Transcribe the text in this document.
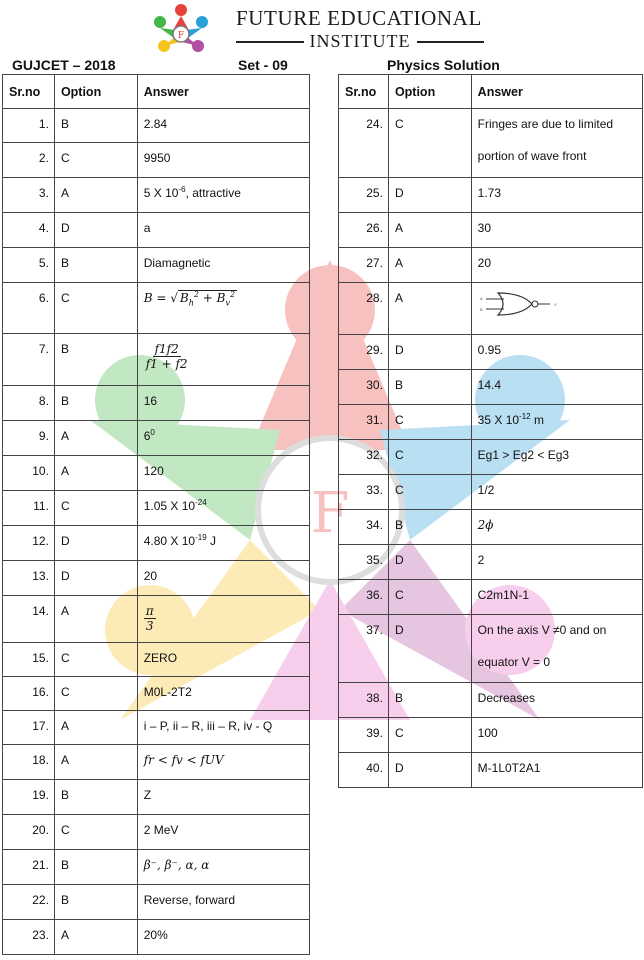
F
F
FUTURE EDUCATIONAL
INSTITUTE
GUJCET – 2018	Set - 09	Physics Solution
Sr.no	Option	Answer
1.	B	2.84
2.	C	9950
3.	A	5 X $10^{-6}$, attractive
4.	D	a
5.	B	Diamagnetic
6.	C	B = √ $B_h^2 + B_v^2$
7.	B	$\frac{f1f2}{f1 + f2}$

8.	B	16
9.	A	$6^0$
10.	A	120
11.	C	1.05 X $10^{-24}$
12.	D	4.80 X $10^{-19}$ J
13.	D	20
14.	A	$\frac{\pi}{3}$

15.	C	ZERO
16.	C	M0L-2T2
17.	A	i – P, ii – R, iii – R, iv - Q
18.	A	fr < fv < fUV
19.	B	Z
20.	C	2 MeV
21.	B	β⁻, β⁻, α, α
22.	B	Reverse, forward
23.	A	20%
Sr.no	Option	Answer
24.	C	Fringes are due to limited
portion of wave front

25.	D	1.73
26.	A	30
27.	A	20
28.	A	A
B
X

29.	D	0.95
30.	B	14.4
31.	C	35 X $10^{-12}$ m
32.	C	Eg1 > Eg2 < Eg3
33.	C	1/2
34.	B	2ϕ
35.	D	2
36.	C	C2m1N-1
37.	D	On the axis V ≠0 and on
equator V = 0

38.	B	Decreases
39.	C	100
40.	D	M-1L0T2A1
